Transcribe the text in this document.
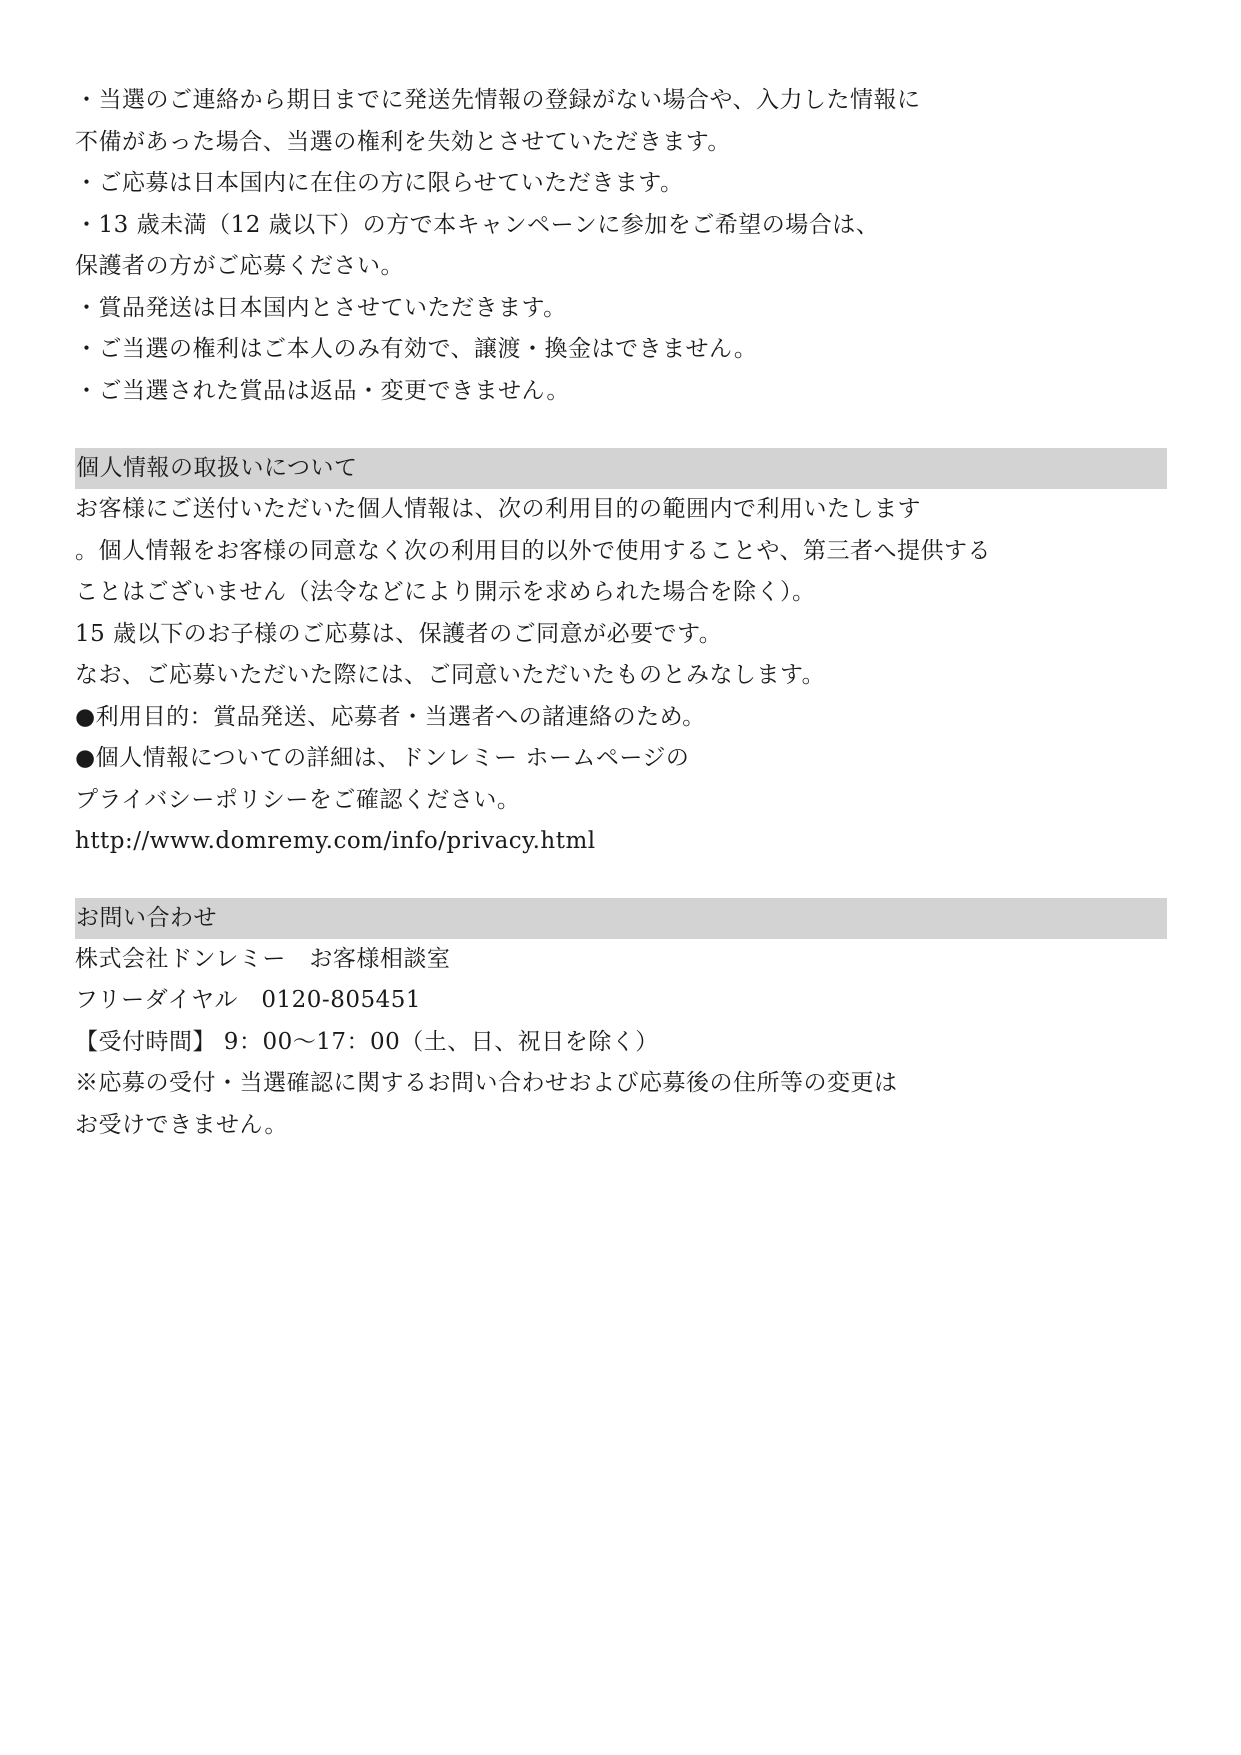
・当選のご連絡から期日までに発送先情報の登録がない場合や、入力した情報に
不備があった場合、当選の権利を失効とさせていただきます。
・ご応募は日本国内に在住の方に限らせていただきます。
・13 歳未満（12 歳以下）の方で本キャンペーンに参加をご希望の場合は、
保護者の方がご応募ください。
・賞品発送は日本国内とさせていただきます。
・ご当選の権利はご本人のみ有効で、譲渡・換金はできません。
・ご当選された賞品は返品・変更できません。
個人情報の取扱いについて
お客様にご送付いただいた個人情報は、次の利用目的の範囲内で利用いたします
。個人情報をお客様の同意なく次の利用目的以外で使用することや、第三者へ提供する
ことはございません（法令などにより開示を求められた場合を除く）。
15 歳以下のお子様のご応募は、保護者のご同意が必要です。
なお、ご応募いただいた際には、ご同意いただいたものとみなします。
●利用目的：賞品発送、応募者・当選者への諸連絡のため。
●個人情報についての詳細は、ドンレミー ホームページの
プライバシーポリシーをご確認ください。
http://www.domremy.com/info/privacy.html
お問い合わせ
株式会社ドンレミー　お客様相談室
フリーダイヤル　0120-805451
【受付時間】 9：00～17：00（土、日、祝日を除く）
※応募の受付・当選確認に関するお問い合わせおよび応募後の住所等の変更は
お受けできません。
